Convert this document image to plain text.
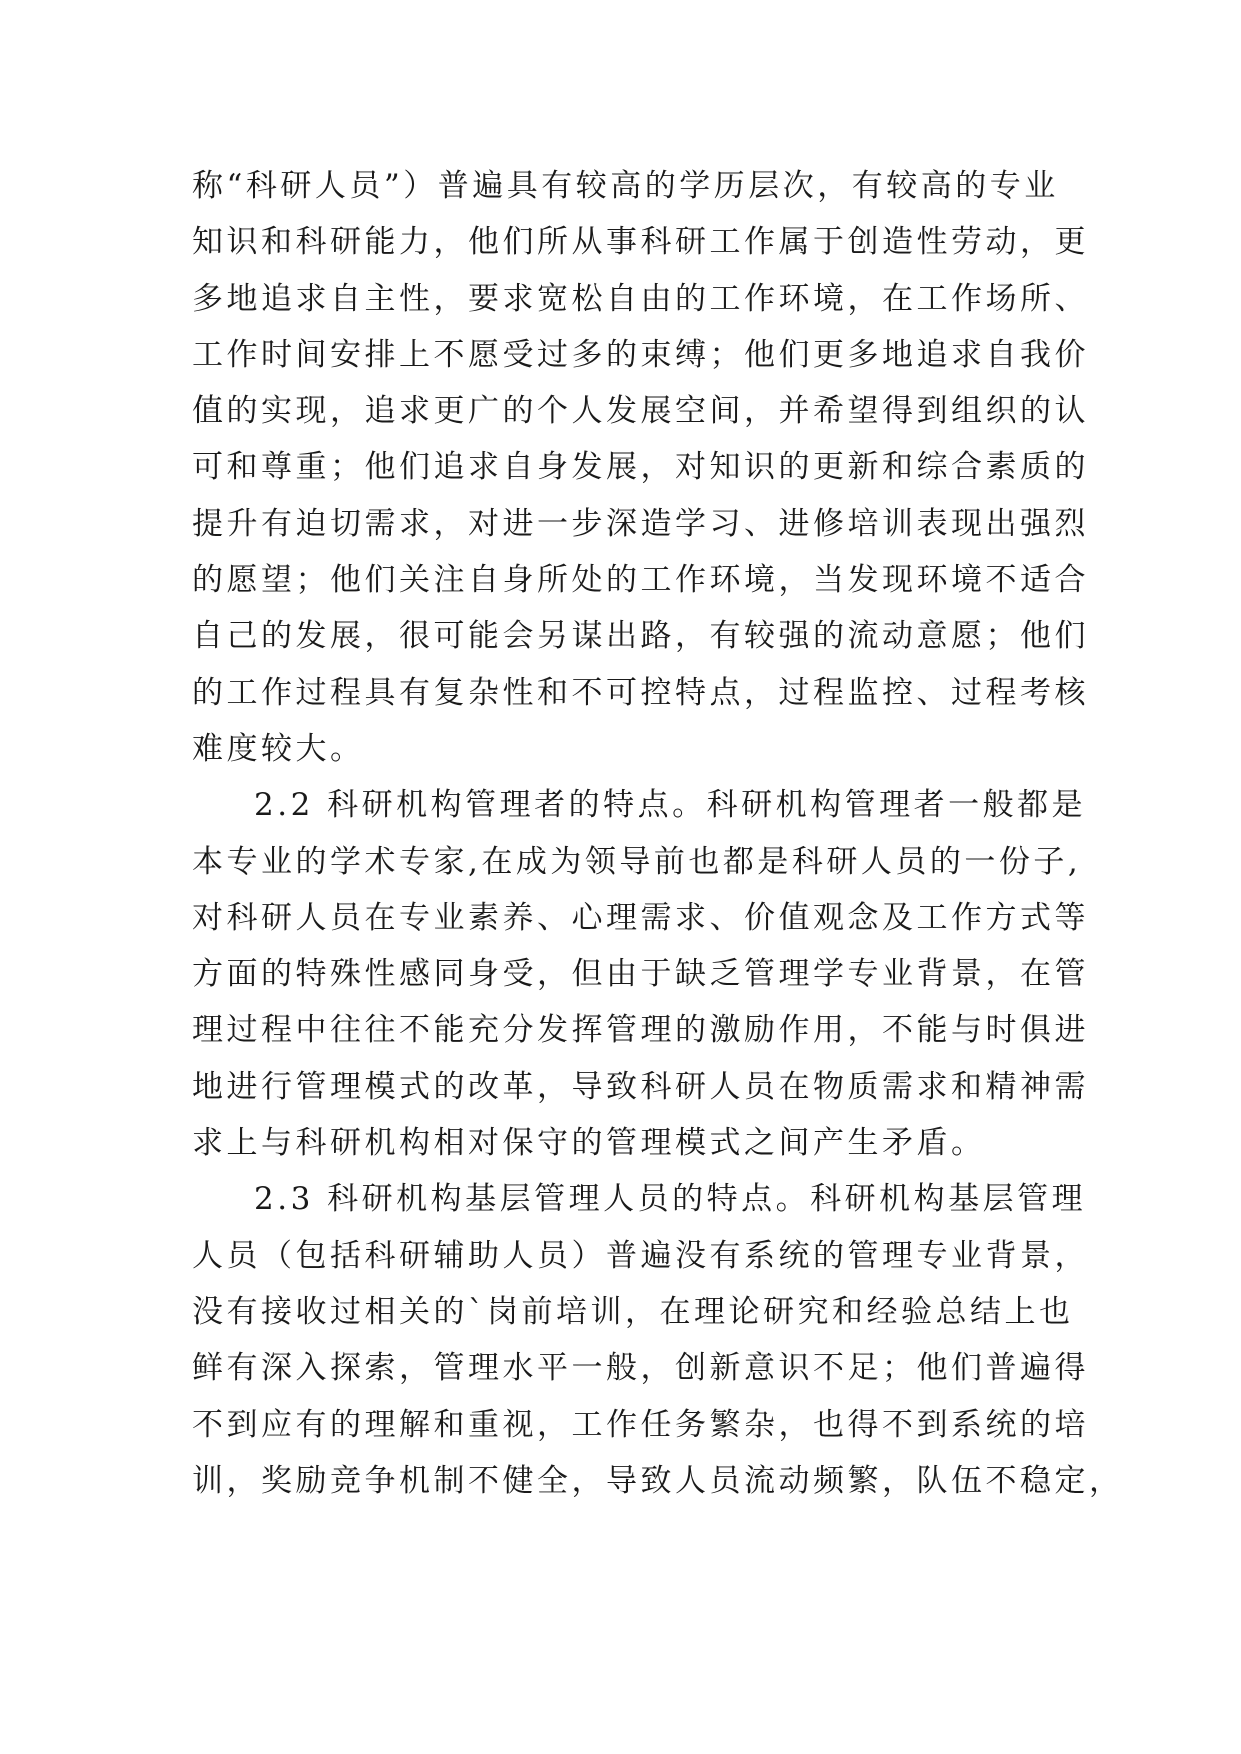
称“科研人员”）普遍具有较高的学历层次，有较高的专业

知识和科研能力，他们所从事科研工作属于创造性劳动，更

多地追求自主性，要求宽松自由的工作环境，在工作场所、

工作时间安排上不愿受过多的束缚；他们更多地追求自我价

值的实现，追求更广的个人发展空间，并希望得到组织的认

可和尊重；他们追求自身发展，对知识的更新和综合素质的

提升有迫切需求，对进一步深造学习、进修培训表现出强烈

的愿望；他们关注自身所处的工作环境，当发现环境不适合

自己的发展，很可能会另谋出路，有较强的流动意愿；他们

的工作过程具有复杂性和不可控特点，过程监控、过程考核

难度较大。

2.2 科研机构管理者的特点。科研机构管理者一般都是

本专业的学术专家,在成为领导前也都是科研人员的一份子,

对科研人员在专业素养、心理需求、价值观念及工作方式等

方面的特殊性感同身受，但由于缺乏管理学专业背景，在管

理过程中往往不能充分发挥管理的激励作用，不能与时俱进

地进行管理模式的改革，导致科研人员在物质需求和精神需

求上与科研机构相对保守的管理模式之间产生矛盾。

2.3 科研机构基层管理人员的特点。科研机构基层管理

人员（包括科研辅助人员）普遍没有系统的管理专业背景，

没有接收过相关的`岗前培训，在理论研究和经验总结上也

鲜有深入探索，管理水平一般，创新意识不足；他们普遍得

不到应有的理解和重视，工作任务繁杂，也得不到系统的培

训，奖励竞争机制不健全，导致人员流动频繁，队伍不稳定，
